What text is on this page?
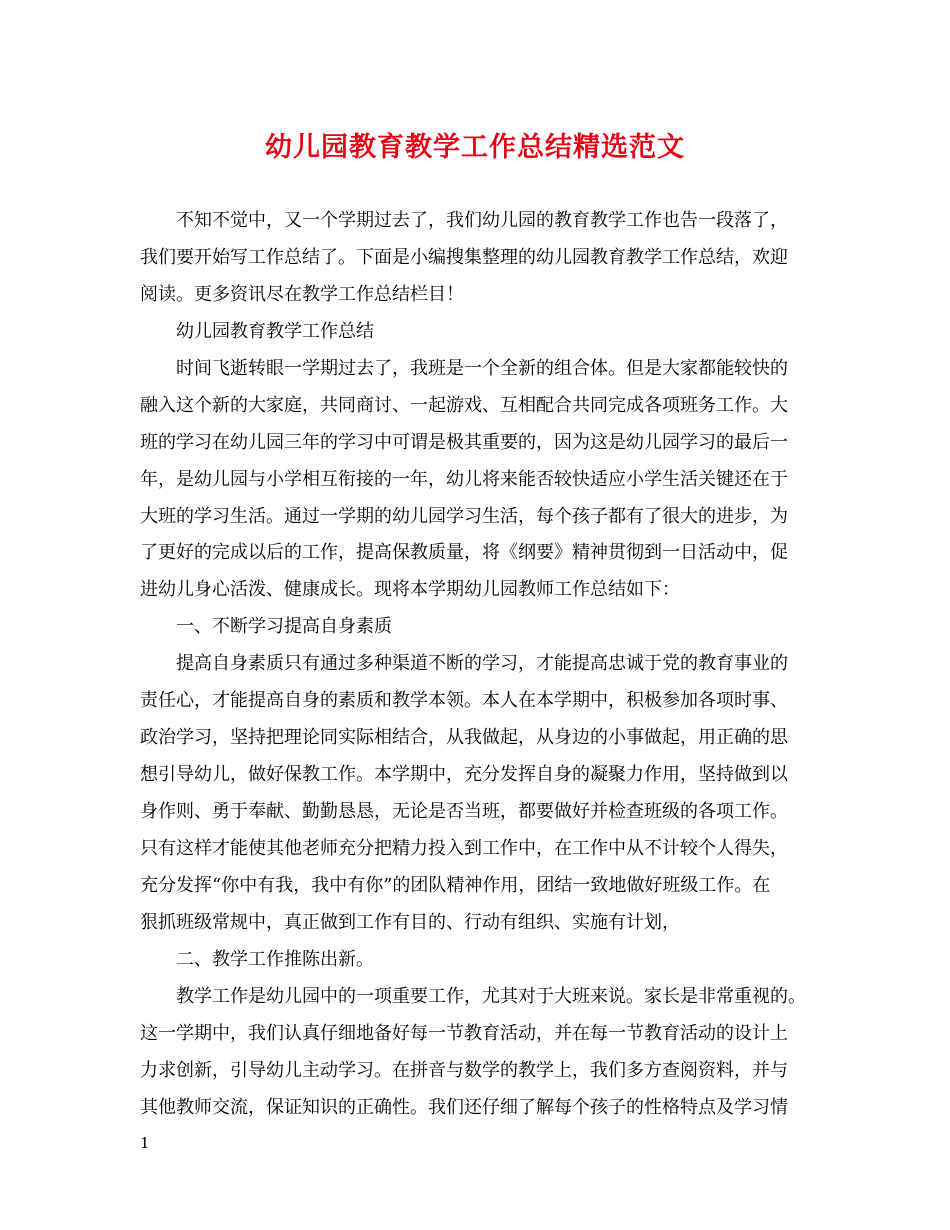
幼儿园教育教学工作总结精选范文
不知不觉中，又一个学期过去了，我们幼儿园的教育教学工作也告一段落了，
我们要开始写工作总结了。下面是小编搜集整理的幼儿园教育教学工作总结，欢迎
阅读。更多资讯尽在教学工作总结栏目！
幼儿园教育教学工作总结
时间飞逝转眼一学期过去了，我班是一个全新的组合体。但是大家都能较快的
融入这个新的大家庭，共同商讨、一起游戏、互相配合共同完成各项班务工作。大
班的学习在幼儿园三年的学习中可谓是极其重要的，因为这是幼儿园学习的最后一
年，是幼儿园与小学相互衔接的一年，幼儿将来能否较快适应小学生活关键还在于
大班的学习生活。通过一学期的幼儿园学习生活，每个孩子都有了很大的进步，为
了更好的完成以后的工作，提高保教质量，将《纲要》精神贯彻到一日活动中，促
进幼儿身心活泼、健康成长。现将本学期幼儿园教师工作总结如下：
一、不断学习提高自身素质
提高自身素质只有通过多种渠道不断的学习，才能提高忠诚于党的教育事业的
责任心，才能提高自身的素质和教学本领。本人在本学期中，积极参加各项时事、
政治学习，坚持把理论同实际相结合，从我做起，从身边的小事做起，用正确的思
想引导幼儿，做好保教工作。本学期中，充分发挥自身的凝聚力作用，坚持做到以
身作则、勇于奉献、勤勤恳恳，无论是否当班，都要做好并检查班级的各项工作。
只有这样才能使其他老师充分把精力投入到工作中，在工作中从不计较个人得失，
充分发挥“你中有我，我中有你”的团队精神作用，团结一致地做好班级工作。在
狠抓班级常规中，真正做到工作有目的、行动有组织、实施有计划，
二、教学工作推陈出新。
教学工作是幼儿园中的一项重要工作，尤其对于大班来说。家长是非常重视的。
这一学期中，我们认真仔细地备好每一节教育活动，并在每一节教育活动的设计上
力求创新，引导幼儿主动学习。在拼音与数学的教学上，我们多方查阅资料，并与
其他教师交流，保证知识的正确性。我们还仔细了解每个孩子的性格特点及学习情
1
